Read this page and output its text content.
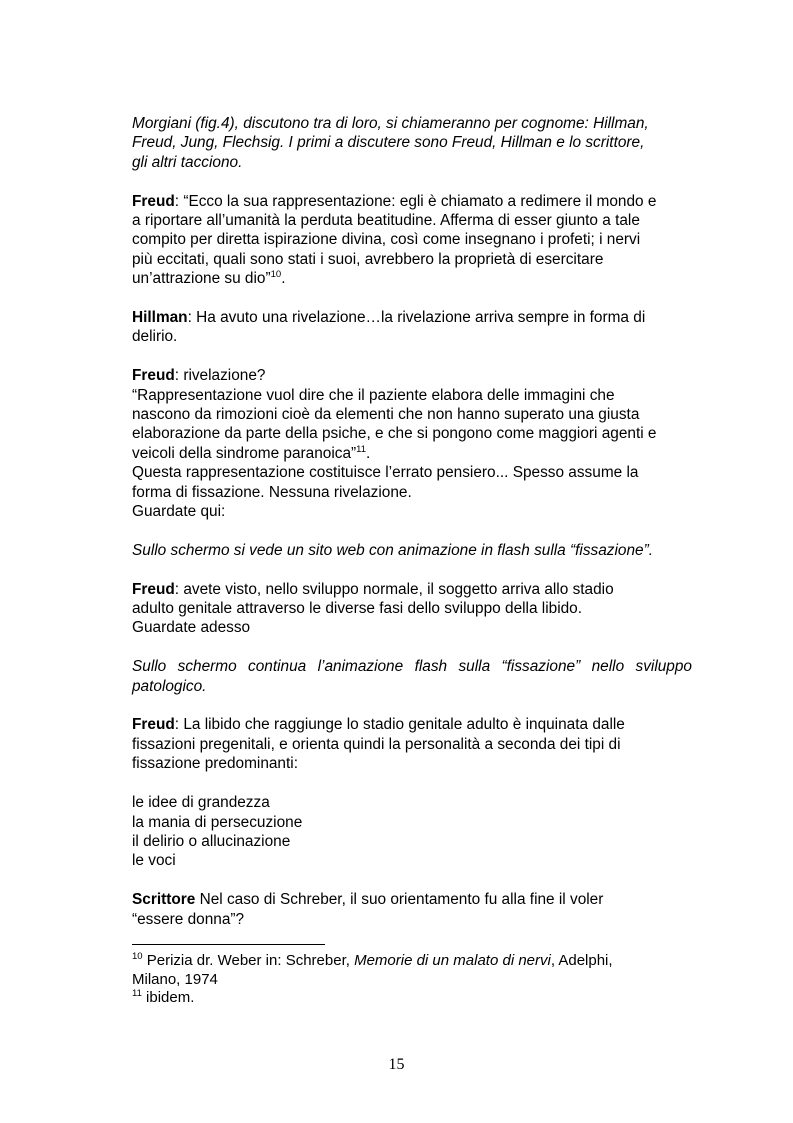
Morgiani (fig.4), discutono tra di loro, si chiameranno per cognome: Hillman,
Freud, Jung, Flechsig. I primi a discutere sono Freud, Hillman e lo scrittore,
gli altri tacciono.

Freud: “Ecco la sua rappresentazione: egli è chiamato a redimere il mondo e
a riportare all’umanità la perduta beatitudine. Afferma di esser giunto a tale
compito per diretta ispirazione divina, così come insegnano i profeti; i nervi
più eccitati, quali sono stati i suoi, avrebbero la proprietà di esercitare
un’attrazione su dio”$^{10}$.

Hillman: Ha avuto una rivelazione…la rivelazione arriva sempre in forma di
delirio.

Freud: rivelazione?
“Rappresentazione vuol dire che il paziente elabora delle immagini che
nascono da rimozioni cioè da elementi che non hanno superato una giusta
elaborazione da parte della psiche, e che si pongono come maggiori agenti e
veicoli della sindrome paranoica”$^{11}$.
Questa rappresentazione costituisce l’errato pensiero... Spesso assume la
forma di fissazione. Nessuna rivelazione.
Guardate qui:

Sullo schermo si vede un sito web con animazione in flash sulla “fissazione”.

Freud: avete visto, nello sviluppo normale, il soggetto arriva allo stadio
adulto genitale attraverso le diverse fasi dello sviluppo della libido.
Guardate adesso

Sullo schermo continua l’animazione flash sulla “fissazione” nello sviluppo

patologico.

Freud: La libido che raggiunge lo stadio genitale adulto è inquinata dalle
fissazioni pregenitali, e orienta quindi la personalità a seconda dei tipi di
fissazione predominanti:

le idee di grandezza

la mania di persecuzione

il delirio o allucinazione

le voci

Scrittore Nel caso di Schreber, il suo orientamento fu alla fine il voler
“essere donna”?

$^{10}$ Perizia dr. Weber in: Schreber, Memorie di un malato di nervi, Adelphi,
Milano, 1974

$^{11}$ ibidem.

15
